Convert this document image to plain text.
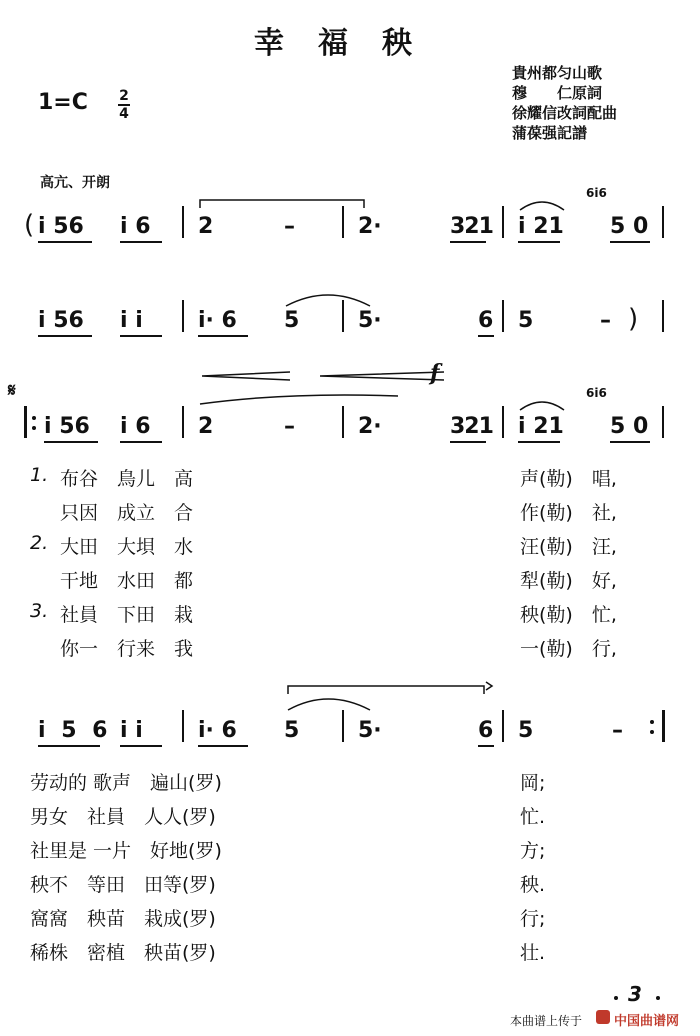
幸福秧
貴州都匀山歌
穆　　仁原詞
徐耀信改詞配曲
蒲葆强記譜
1=C 2
4
高亢、开朗
( i 56 i 6 2	–	2·	321 i 21
6i6
5 0
i 56 i i	i· 6 5	5·	6 5	– )
𝄋
i 56 i 6 2	–	2·	321 i 21
6i6
5 0
f
1. 布谷　鳥儿　高	声(勒)　唱,
只因　成立　合	作(勒)　社,
2. 大田　大垻　水	汪(勒)　汪,
干地　水田　都	犁(勒)　好,
3. 社員　下田　栽	秧(勒)　忙,
你一　行来　我	一(勒)　行,
i 5 6 i i	i· 6 5	5·	6 5	–
劳动的 歌声　遍山(罗)	岡;
男女　社員　人人(罗)	忙.
社里是 一片　好地(罗)	方;
秧不　等田　田等(罗)	秧.
窩窩　秧苗　栽成(罗)	行;
稀株　密植　秧苗(罗)	壮.
3
本曲谱上传于 中国曲谱网
